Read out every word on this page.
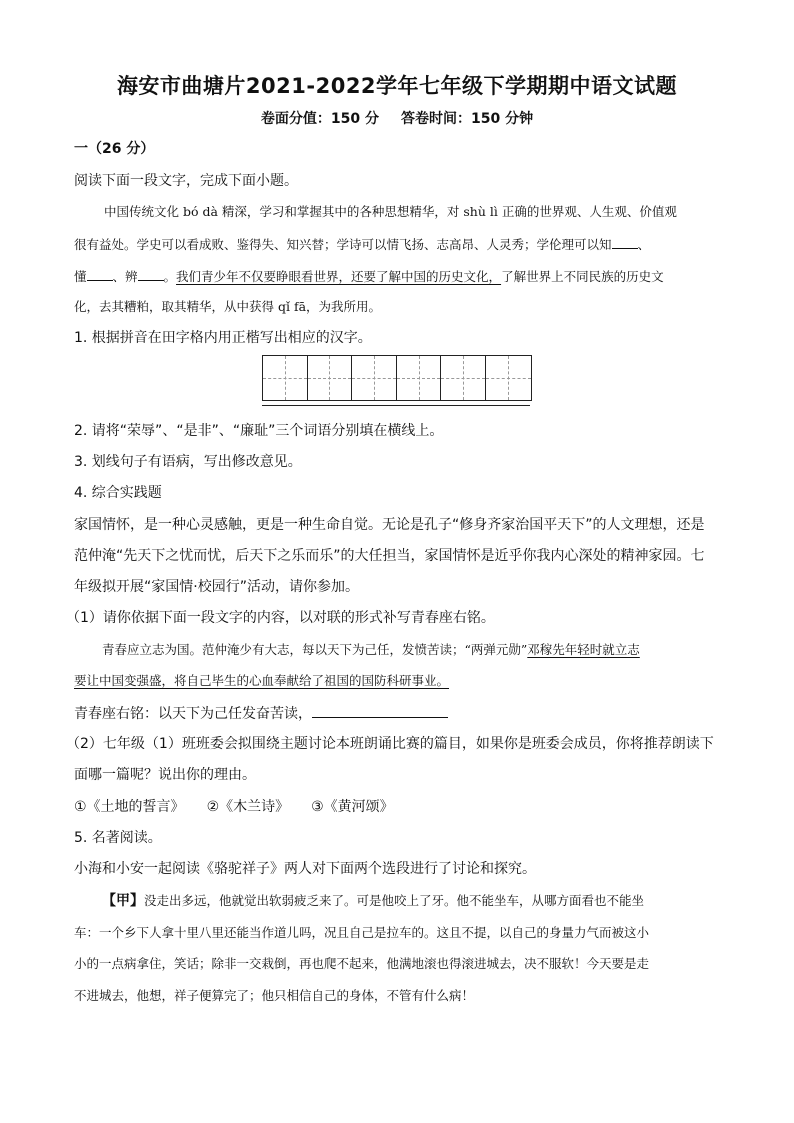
海安市曲塘片2021-2022学年七年级下学期期中语文试题
卷面分值：150 分 答卷时间：150 分钟
一（26 分）
阅读下面一段文字，完成下面小题。
中国传统文化 bó dà 精深，学习和掌握其中的各种思想精华，对 shù lì 正确的世界观、人生观、价值观
很有益处。学史可以看成败、鉴得失、知兴替；学诗可以情飞扬、志高昂、人灵秀；学伦理可以知 、
懂 、辨 。我们青少年不仅要睁眼看世界，还要了解中国的历史文化，了解世界上不同民族的历史文
化，去其糟粕，取其精华，从中获得 qǐ fā，为我所用。
1. 根据拼音在田字格内用正楷写出相应的汉字。
2. 请将“荣辱”、“是非”、“廉耻”三个词语分别填在横线上。
3. 划线句子有语病，写出修改意见。
4. 综合实践题
家国情怀，是一种心灵感触，更是一种生命自觉。无论是孔子“修身齐家治国平天下”的人文理想，还是
范仲淹“先天下之忧而忧，后天下之乐而乐”的大任担当，家国情怀是近乎你我内心深处的精神家园。七
年级拟开展“家国情·校园行”活动，请你参加。
（1）请你依据下面一段文字的内容，以对联的形式补写青春座右铭。
青春应立志为国。范仲淹少有大志，每以天下为己任，发愤苦读；“两弹元勋”邓稼先年轻时就立志
要让中国变强盛，将自己毕生的心血奉献给了祖国的国防科研事业。
青春座右铭：以天下为己任发奋苦读，
（2）七年级（1）班班委会拟围绕主题讨论本班朗诵比赛的篇目，如果你是班委会成员，你将推荐朗读下
面哪一篇呢？说出你的理由。
①《土地的誓言》 ②《木兰诗》 ③《黄河颂》
5. 名著阅读。
小海和小安一起阅读《骆驼祥子》两人对下面两个选段进行了讨论和探究。
【甲】没走出多远，他就觉出软弱疲乏来了。可是他咬上了牙。他不能坐车，从哪方面看也不能坐
车：一个乡下人拿十里八里还能当作道儿吗，况且自己是拉车的。这且不提，以自己的身量力气而被这小
小的一点病拿住，笑话；除非一交栽倒，再也爬不起来，他满地滚也得滚进城去，决不服软！今天要是走
不进城去，他想，祥子便算完了；他只相信自己的身体，不管有什么病！
